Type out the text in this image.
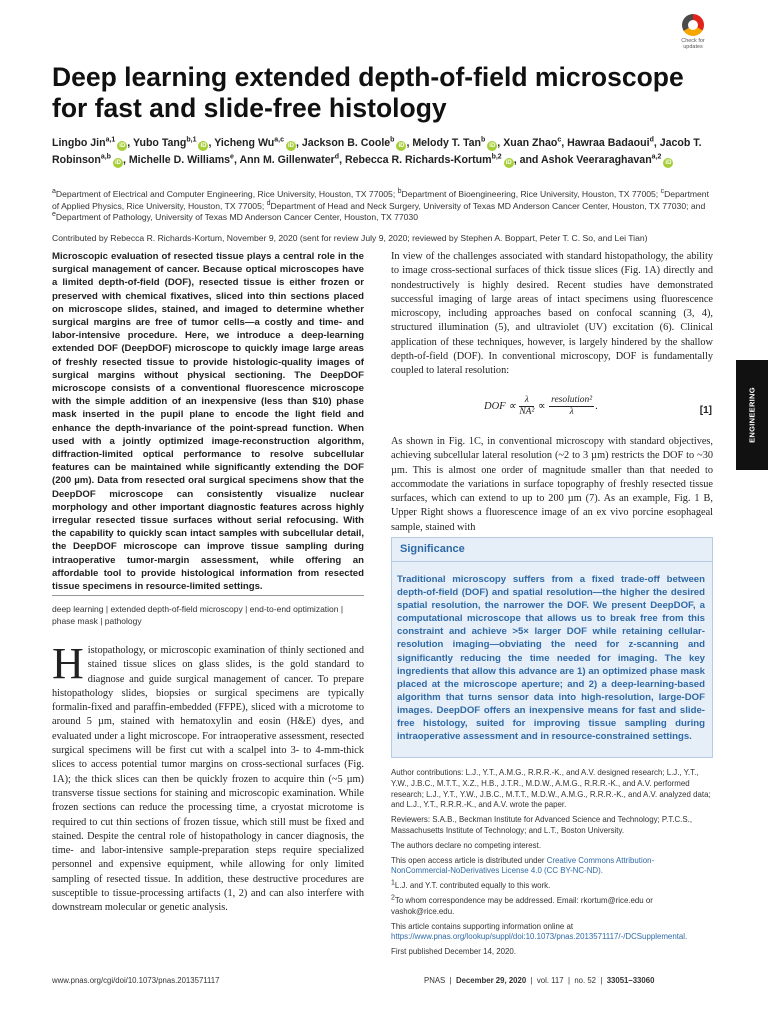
Check for updates
Deep learning extended depth-of-field microscope for fast and slide-free histology
Lingbo Jin$^{a,1}$iD , Yubo Tang$^{b,1}$iD , Yicheng Wu$^{a,c}$iD , Jackson B. Coole$^b$iD , Melody T. Tan$^b$iD , Xuan Zhao$^c$, Hawraa Badaoui$^d$, Jacob T. Robinson$^{a,b}$iD , Michelle D. Williams$^e$, Ann M. Gillenwater$^d$, Rebecca R. Richards-Kortum$^{b,2}$iD , and Ashok Veeraraghavan$^{a,2}$iD
$^a$Department of Electrical and Computer Engineering, Rice University, Houston, TX 77005; $^b$Department of Bioengineering, Rice University, Houston, TX 77005; $^c$Department of Applied Physics, Rice University, Houston, TX 77005; $^d$Department of Head and Neck Surgery, University of Texas MD Anderson Cancer Center, Houston, TX 77030; and $^e$Department of Pathology, University of Texas MD Anderson Cancer Center, Houston, TX 77030
Contributed by Rebecca R. Richards-Kortum, November 9, 2020 (sent for review July 9, 2020; reviewed by Stephen A. Boppart, Peter T. C. So, and Lei Tian)
Microscopic evaluation of resected tissue plays a central role in the surgical management of cancer. Because optical microscopes have a limited depth-of-field (DOF), resected tissue is either frozen or preserved with chemical fixatives, sliced into thin sections placed on microscope slides, stained, and imaged to determine whether surgical margins are free of tumor cells—a costly and time- and labor-intensive procedure. Here, we introduce a deep-learning extended DOF (DeepDOF) microscope to quickly image large areas of freshly resected tissue to provide histologic-quality images of surgical margins without physical sectioning. The DeepDOF microscope consists of a conventional fluorescence microscope with the simple addition of an inexpensive (less than $10) phase mask inserted in the pupil plane to encode the light field and enhance the depth-invariance of the point-spread function. When used with a jointly optimized image-reconstruction algorithm, diffraction-limited optical performance to resolve subcellular features can be maintained while significantly extending the DOF (200 µm). Data from resected oral surgical specimens show that the DeepDOF microscope can consistently visualize nuclear morphology and other important diagnostic features across highly irregular resected tissue surfaces without serial refocusing. With the capability to quickly scan intact samples with subcellular detail, the DeepDOF microscope can improve tissue sampling during intraoperative tumor-margin assessment, while offering an affordable tool to provide histological information from resected tissue specimens in resource-limited settings.
deep learning | extended depth-of-field microscopy | end-to-end optimization | phase mask | pathology
Histopathology, or microscopic examination of thinly sectioned and stained tissue slices on glass slides, is the gold standard to diagnose and guide surgical management of cancer. To prepare histopathology slides, biopsies or surgical specimens are typically formalin-fixed and paraffin-embedded (FFPE), sliced with a microtome to around 5 µm, stained with hematoxylin and eosin (H&E) dyes, and evaluated under a light microscope. For intraoperative assessment, resected surgical specimens will be first cut with a scalpel into 3- to 4-mm-thick slices to access potential tumor margins on cross-sectional surfaces (Fig. 1A); the thick slices can then be quickly frozen to acquire thin (~5 µm) transverse tissue sections for staining and microscopic examination. While frozen sections can reduce the processing time, a cryostat microtome is required to cut thin sections of frozen tissue, which still must be fixed and stained. Despite the central role of histopathology in cancer diagnosis, the time- and labor-intensive sample-preparation steps require specialized personnel and expensive equipment, while allowing for only limited sampling of resected tissue. In addition, these destructive procedures are susceptible to tissue-processing artifacts (1, 2) and can also interfere with downstream molecular or genetic analysis.
In view of the challenges associated with standard histopathology, the ability to image cross-sectional surfaces of thick tissue slices (Fig. 1A) directly and nondestructively is highly desired. Recent studies have demonstrated successful imaging of large areas of intact specimens using fluorescence microscopy, including approaches based on confocal scanning (3, 4), structured illumination (5), and ultraviolet (UV) excitation (6). Clinical application of these techniques, however, is largely hindered by the shallow depth-of-field (DOF). In conventional microscopy, DOF is fundamentally coupled to lateral resolution:
DOF ∝ $\frac{\lambda}{\text{NA²}} \propto \frac{\text{resolution²}}{\lambda}$ .	[1]
As shown in Fig. 1C, in conventional microscopy with standard objectives, achieving subcellular lateral resolution (~2 to 3 µm) restricts the DOF to ~30 µm. This is almost one order of magnitude smaller than that needed to accommodate the variations in surface topography of freshly resected tissue surfaces, which can extend to up to 200 µm (7). As an example, Fig. 1 B, Upper Right shows a fluorescence image of an ex vivo porcine esophageal sample, stained with
Significance
Traditional microscopy suffers from a fixed trade-off between depth-of-field (DOF) and spatial resolution—the higher the desired spatial resolution, the narrower the DOF. We present DeepDOF, a computational microscope that allows us to break free from this constraint and achieve >5× larger DOF while retaining cellular-resolution imaging—obviating the need for z-scanning and significantly reducing the time needed for imaging. The key ingredients that allow this advance are 1) an optimized phase mask placed at the microscope aperture; and 2) a deep-learning-based algorithm that turns sensor data into high-resolution, large-DOF images. DeepDOF offers an inexpensive means for fast and slide-free histology, suited for improving tissue sampling during intraoperative assessment and in resource-constrained settings.

Author contributions: L.J., Y.T., A.M.G., R.R.R.-K., and A.V. designed research; L.J., Y.T., Y.W., J.B.C., M.T.T., X.Z., H.B., J.T.R., M.D.W., A.M.G., R.R.R.-K., and A.V. performed research; L.J., Y.T., Y.W., J.B.C., M.T.T., M.D.W., A.M.G., R.R.R.-K., and A.V. analyzed data; and L.J., Y.T., R.R.R.-K., and A.V. wrote the paper.

Reviewers: S.A.B., Beckman Institute for Advanced Science and Technology; P.T.C.S., Massachusetts Institute of Technology; and L.T., Boston University.

The authors declare no competing interest.

This open access article is distributed under Creative Commons Attribution-NonCommercial-NoDerivatives License 4.0 (CC BY-NC-ND).

$^1$L.J. and Y.T. contributed equally to this work.

$^2$To whom correspondence may be addressed. Email: rkortum@rice.edu or vashok@rice.edu.

This article contains supporting information online at https://www.pnas.org/lookup/suppl/doi:10.1073/pnas.2013571117/-/DCSupplemental.

First published December 14, 2020.

ENGINEERING
www.pnas.org/cgi/doi/10.1073/pnas.2013571117	PNAS  |  December 29, 2020  |  vol. 117  |  no. 52  |  33051–33060
